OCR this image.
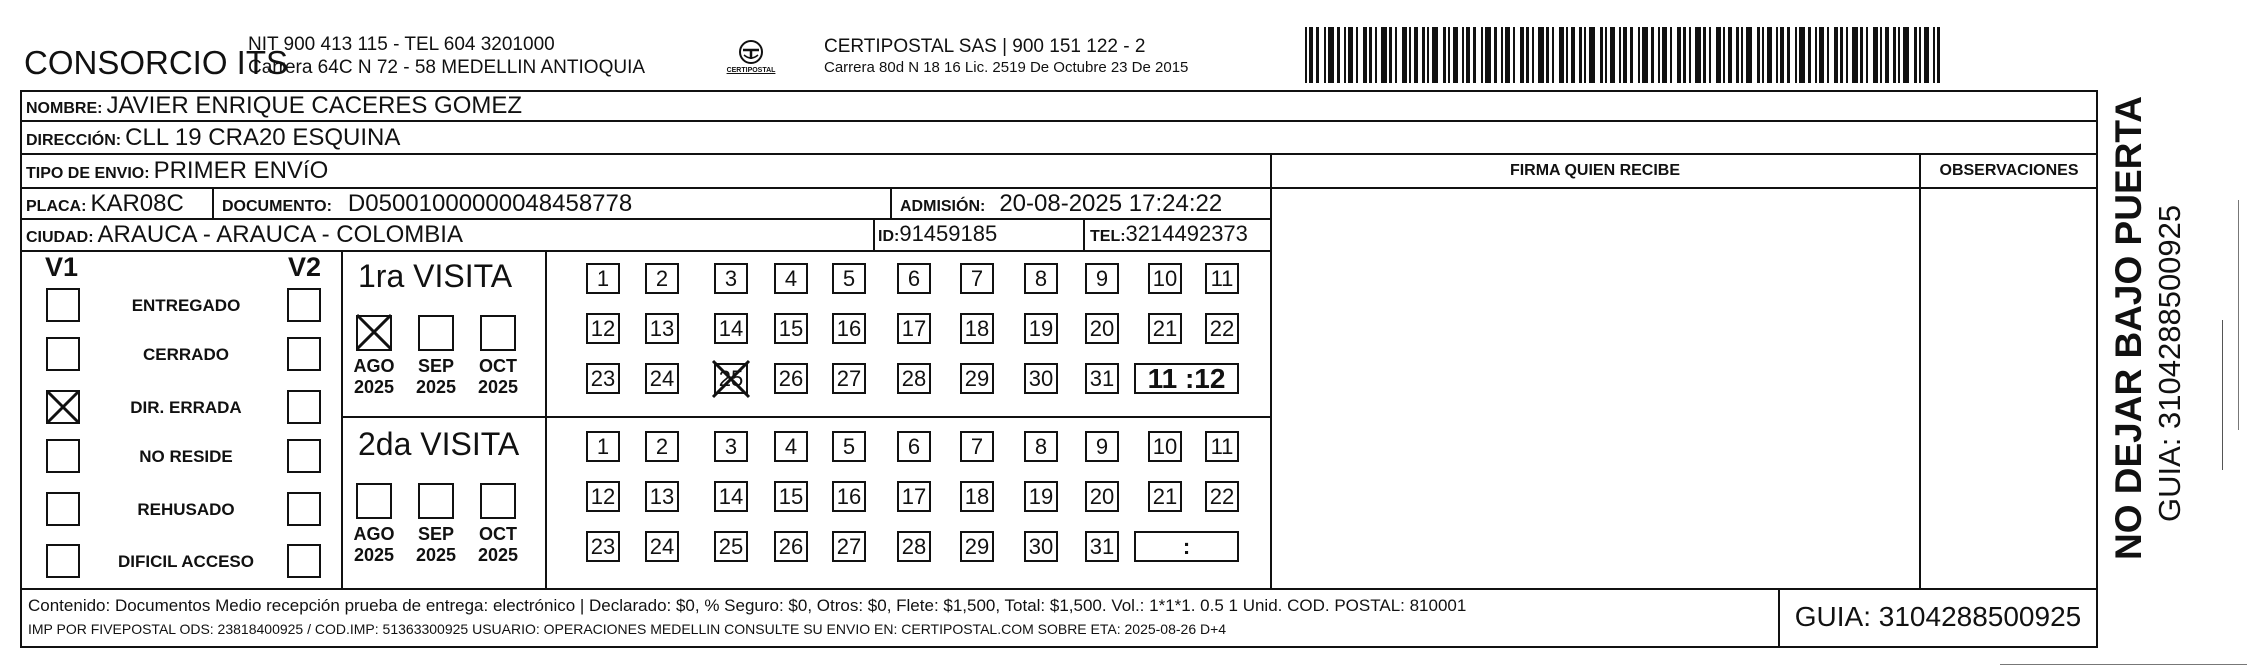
CONSORCIO ITS
NIT 900 413 115 - TEL 604 3201000
Carrera 64C N 72 - 58 MEDELLIN ANTIOQUIA	CERTIPOSTAL
CERTIPOSTAL SAS | 900 151 122 - 2
Carrera 80d N 18 16 Lic. 2519 De Octubre 23 De 2015
NOMBRE: JAVIER ENRIQUE CACERES GOMEZ
DIRECCIÓN: CLL 19 CRA20 ESQUINA
TIPO DE ENVIO: PRIMER ENVíO	FIRMA QUIEN RECIBE	OBSERVACIONES
PLACA: KAR08C DOCUMENTO: D05001000000048458778	ADMISIÓN: 20-08-2025 17:24:22
CIUDAD: ARAUCA - ARAUCA - COLOMBIA	ID: 91459185	TEL: 3214492373
V1	V2
ENTREGADO
CERRADO
DIR. ERRADA
NO RESIDE
REHUSADO
DIFICIL ACCESO
1ra VISITA
AGO
2025
SEP
2025
OCT
2025
1	2	3	4	5	6	7	8	9	10 11
12 13 14 15 16 17 18 19 20 21 22
23 24 25 26 27 28 29 30 31	11 :12
2da VISITA
AGO
2025
SEP
2025
OCT
2025
1	2	3	4	5	6	7	8	9	10 11
12 13 14 15 16 17 18 19 20 21 22
23 24 25 26 27 28 29 30 31	:
Contenido: Documentos Medio recepción prueba de entrega: electrónico | Declarado: $0, % Seguro: $0, Otros: $0, Flete: $1,500, Total: $1,500. Vol.: 1*1*1. 0.5 1 Unid. COD. POSTAL: 810001
IMP POR FIVEPOSTAL ODS: 23818400925 / COD.IMP: 51363300925 USUARIO: OPERACIONES MEDELLIN CONSULTE SU ENVIO EN: CERTIPOSTAL.COM SOBRE ETA: 2025-08-26 D+4	GUIA: 3104288500925
NO DEJAR BAJO PUERTA GUIA: 3104288500925
